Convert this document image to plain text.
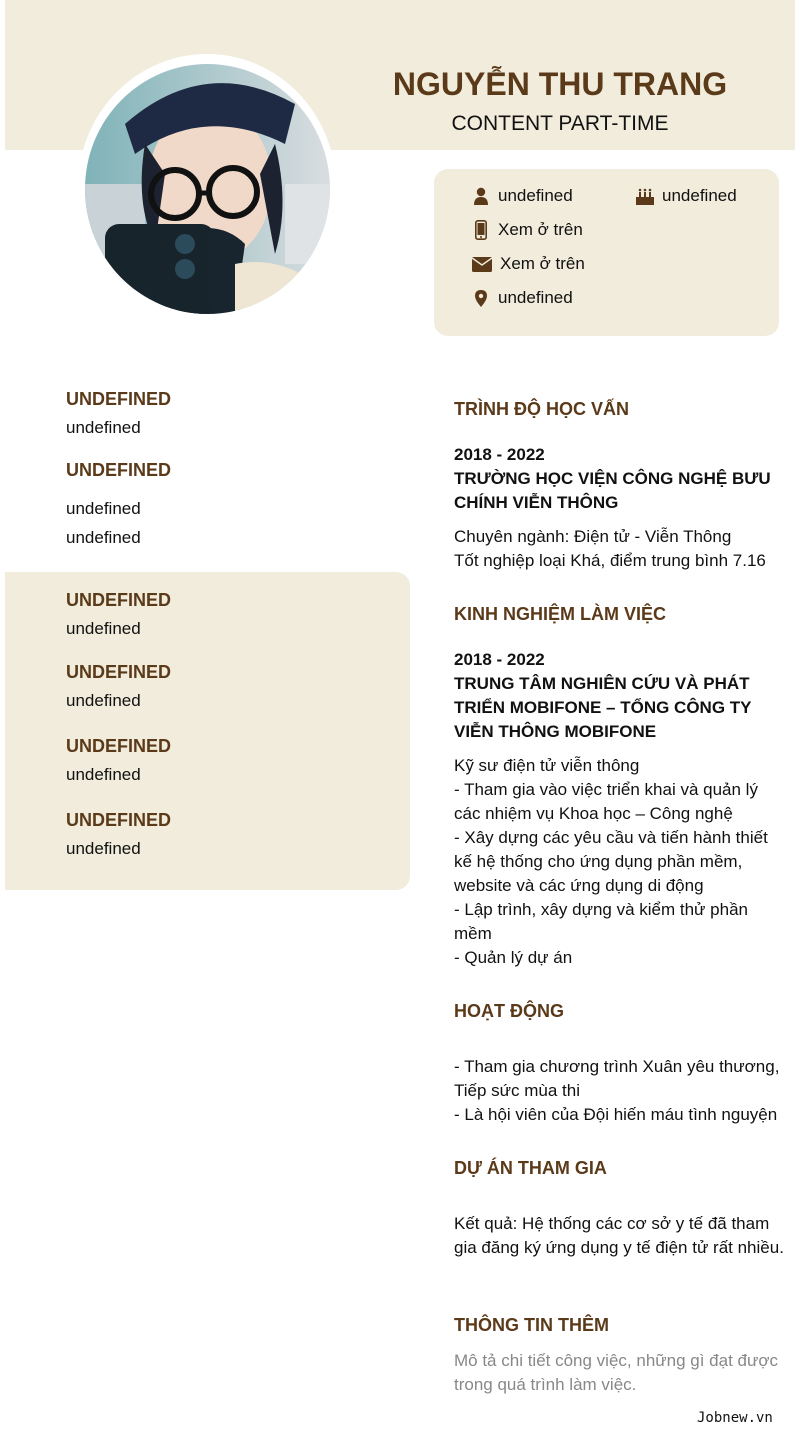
NGUYỄN THU TRANG
CONTENT PART-TIME
undefined	undefined
Xem ở trên
Xem ở trên
undefined
UNDEFINED
undefined
UNDEFINED
undefined
undefined
UNDEFINED
undefined
UNDEFINED
undefined
UNDEFINED
undefined
UNDEFINED
undefined
TRÌNH ĐỘ HỌC VẤN
2018 - 2022
TRƯỜNG HỌC VIỆN CÔNG NGHỆ BƯU CHÍNH VIỄN THÔNG
Chuyên ngành: Điện tử - Viễn Thông
Tốt nghiệp loại Khá, điểm trung bình 7.16
KINH NGHIỆM LÀM VIỆC
2018 - 2022
TRUNG TÂM NGHIÊN CỨU VÀ PHÁT TRIỂN MOBIFONE – TỔNG CÔNG TY VIỄN THÔNG MOBIFONE
Kỹ sư điện tử viễn thông
- Tham gia vào việc triển khai và quản lý các nhiệm vụ Khoa học – Công nghệ
- Xây dựng các yêu cầu và tiến hành thiết kế hệ thống cho ứng dụng phần mềm, website và các ứng dụng di động
- Lập trình, xây dựng và kiểm thử phần mềm
- Quản lý dự án
HOẠT ĐỘNG
- Tham gia chương trình Xuân yêu thương, Tiếp sức mùa thi
- Là hội viên của Đội hiến máu tình nguyện
DỰ ÁN THAM GIA
Kết quả: Hệ thống các cơ sở y tế đã tham gia đăng ký ứng dụng y tế điện tử rất nhiều.
THÔNG TIN THÊM
Mô tả chi tiết công việc, những gì đạt được trong quá trình làm việc.
Jobnew.vn
